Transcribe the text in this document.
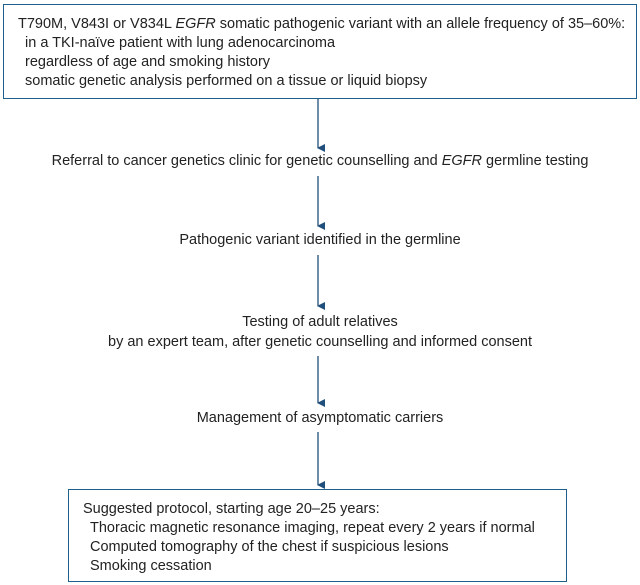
T790M, V843I or V834L EGFR somatic pathogenic variant with an allele frequency of 35–60%:
in a TKI-naïve patient with lung adenocarcinoma
regardless of age and smoking history
somatic genetic analysis performed on a tissue or liquid biopsy
Referral to cancer genetics clinic for genetic counselling and EGFR germline testing
Pathogenic variant identified in the germline
Testing of adult relatives
by an expert team, after genetic counselling and informed consent
Management of asymptomatic carriers
Suggested protocol, starting age 20–25 years:
Thoracic magnetic resonance imaging, repeat every 2 years if normal
Computed tomography of the chest if suspicious lesions
Smoking cessation
